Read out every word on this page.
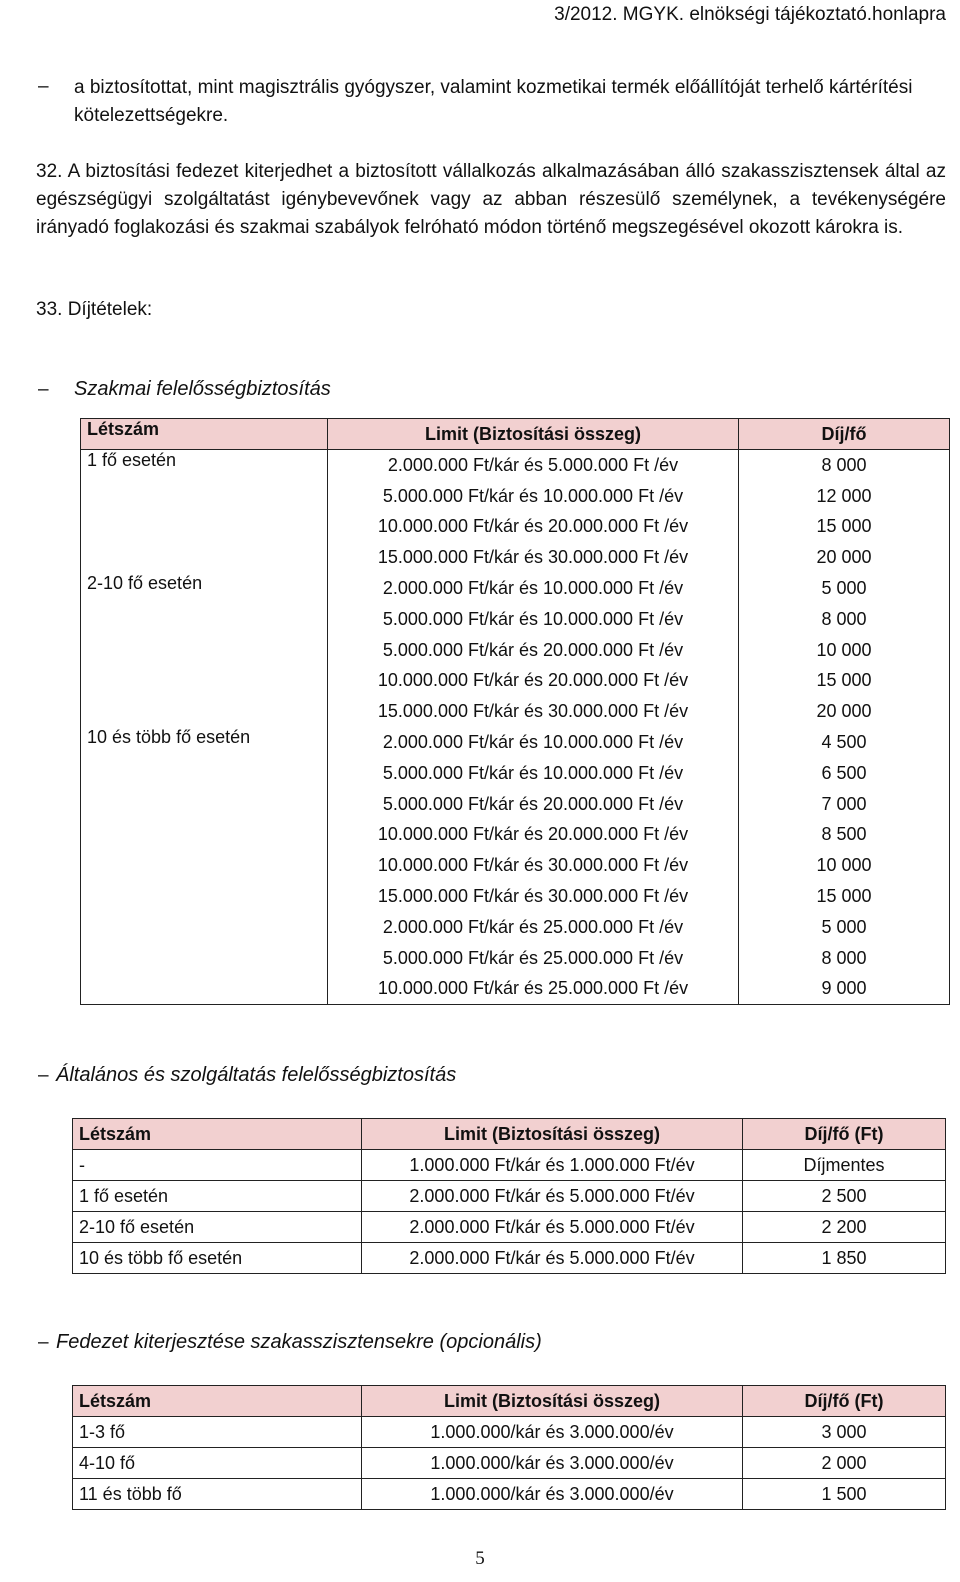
3/2012. MGYK. elnökségi tájékoztató.honlapra
– a biztosítottat, mint magisztrális gyógyszer, valamint kozmetikai termék előállítóját terhelő kártérítési kötelezettségekre.
32. A biztosítási fedezet kiterjedhet a biztosított vállalkozás alkalmazásában álló szakasszisztensek által az egészségügyi szolgáltatást igénybevevőnek vagy az abban részesülő személynek, a tevékenységére irányadó foglakozási és szakmai szabályok felróható módon történő megszegésével okozott károkra is.
33. Díjtételek:
– Szakmai felelősségbiztosítás
Létszám	Limit (Biztosítási összeg)	Díj/fő
1 fő esetén	2.000.000 Ft/kár és 5.000.000 Ft /év	8 000
	5.000.000 Ft/kár és 10.000.000 Ft /év	12 000
	10.000.000 Ft/kár és 20.000.000 Ft /év	15 000
	15.000.000 Ft/kár és 30.000.000 Ft /év	20 000
2-10 fő esetén	2.000.000 Ft/kár és 10.000.000 Ft /év	5 000
	5.000.000 Ft/kár és 10.000.000 Ft /év	8 000
	5.000.000 Ft/kár és 20.000.000 Ft /év	10 000
	10.000.000 Ft/kár és 20.000.000 Ft /év	15 000
	15.000.000 Ft/kár és 30.000.000 Ft /év	20 000
10 és több fő esetén	2.000.000 Ft/kár és 10.000.000 Ft /év	4 500
	5.000.000 Ft/kár és 10.000.000 Ft /év	6 500
	5.000.000 Ft/kár és 20.000.000 Ft /év	7 000
	10.000.000 Ft/kár és 20.000.000 Ft /év	8 500
	10.000.000 Ft/kár és 30.000.000 Ft /év	10 000
	15.000.000 Ft/kár és 30.000.000 Ft /év	15 000
	2.000.000 Ft/kár és 25.000.000 Ft /év	5 000
	5.000.000 Ft/kár és 25.000.000 Ft /év	8 000
	10.000.000 Ft/kár és 25.000.000 Ft /év	9 000
– Általános és szolgáltatás felelősségbiztosítás
Létszám	Limit (Biztosítási összeg)	Díj/fő (Ft)
-	1.000.000 Ft/kár és 1.000.000 Ft/év	Díjmentes
1 fő esetén	2.000.000 Ft/kár és 5.000.000 Ft/év	2 500
2-10 fő esetén	2.000.000 Ft/kár és 5.000.000 Ft/év	2 200
10 és több fő esetén	2.000.000 Ft/kár és 5.000.000 Ft/év	1 850
– Fedezet kiterjesztése szakasszisztensekre (opcionális)
Létszám	Limit (Biztosítási összeg)	Díj/fő (Ft)
1-3 fő	1.000.000/kár és 3.000.000/év	3 000
4-10 fő	1.000.000/kár és 3.000.000/év	2 000
11 és több fő	1.000.000/kár és 3.000.000/év	1 500
5
